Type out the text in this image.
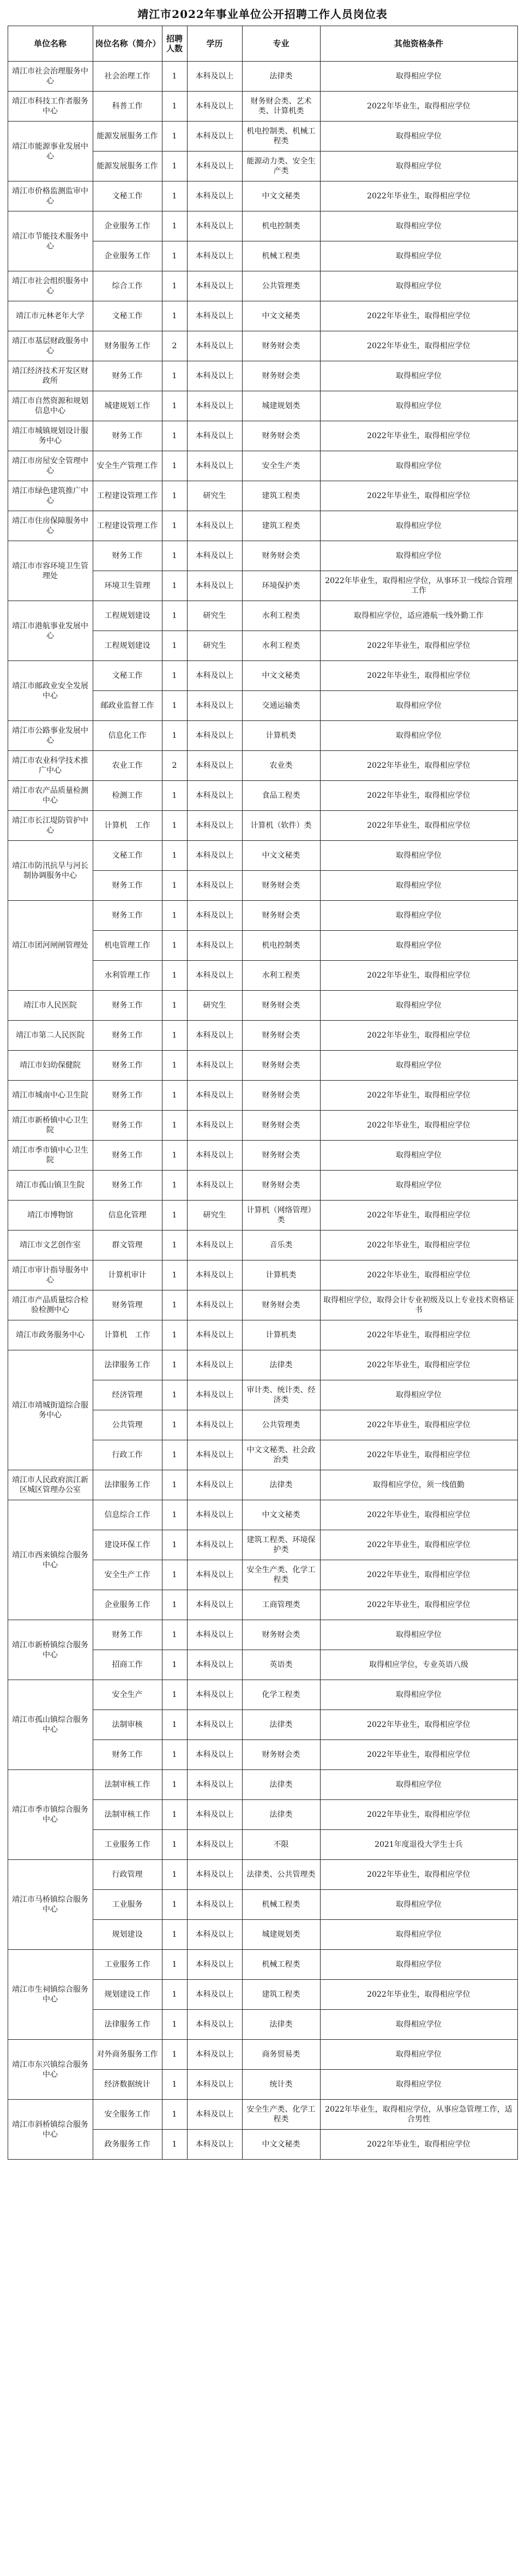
靖江市2022年事业单位公开招聘工作人员岗位表
单位名称	岗位名称（简介）	招聘人数	学历	专业	其他资格条件
靖江市社会治理服务中心	社会治理工作	1	本科及以上	法律类	取得相应学位
靖江市科技工作者服务中心	科普工作	1	本科及以上	财务财会类、艺术类、计算机类	2022年毕业生，取得相应学位
靖江市能源事业发展中心	能源发展服务工作	1	本科及以上	机电控制类、机械工程类	取得相应学位
	能源发展服务工作	1	本科及以上	能源动力类、安全生产类	取得相应学位
靖江市价格监测监审中心	文秘工作	1	本科及以上	中文文秘类	2022年毕业生，取得相应学位
靖江市节能技术服务中心	企业服务工作	1	本科及以上	机电控制类	取得相应学位
	企业服务工作	1	本科及以上	机械工程类	取得相应学位
靖江市社会组织服务中心	综合工作	1	本科及以上	公共管理类	取得相应学位
靖江市元林老年大学	文秘工作	1	本科及以上	中文文秘类	2022年毕业生，取得相应学位
靖江市基层财政服务中心	财务服务工作	2	本科及以上	财务财会类	2022年毕业生，取得相应学位
靖江经济技术开发区财政所	财务工作	1	本科及以上	财务财会类	取得相应学位
靖江市自然资源和规划信息中心	城建规划工作	1	本科及以上	城建规划类	取得相应学位
靖江市城镇规划设计服务中心	财务工作	1	本科及以上	财务财会类	2022年毕业生，取得相应学位
靖江市房屋安全管理中心	安全生产管理工作	1	本科及以上	安全生产类	取得相应学位
靖江市绿色建筑推广中心	工程建设管理工作	1	研究生	建筑工程类	2022年毕业生，取得相应学位
靖江市住房保障服务中心	工程建设管理工作	1	本科及以上	建筑工程类	取得相应学位
靖江市市容环境卫生管理处	财务工作	1	本科及以上	财务财会类	取得相应学位
	环境卫生管理	1	本科及以上	环境保护类	2022年毕业生，取得相应学位，从事环卫一线综合管理工作
靖江市港航事业发展中心	工程规划建设	1	研究生	水利工程类	取得相应学位，适应港航一线外勤工作
	工程规划建设	1	研究生	水利工程类	2022年毕业生，取得相应学位
靖江市邮政业安全发展中心	文秘工作	1	本科及以上	中文文秘类	2022年毕业生，取得相应学位
	邮政业监督工作	1	本科及以上	交通运输类	取得相应学位
靖江市公路事业发展中心	信息化工作	1	本科及以上	计算机类	取得相应学位
靖江市农业科学技术推广中心	农业工作	2	本科及以上	农业类	2022年毕业生，取得相应学位
靖江市农产品质量检测中心	检测工作	1	本科及以上	食品工程类	2022年毕业生，取得相应学位
靖江市长江堤防管护中心	计算机　工作	1	本科及以上	计算机（软件）类	2022年毕业生，取得相应学位
靖江市防汛抗旱与河长制协调服务中心	文秘工作	1	本科及以上	中文文秘类	取得相应学位
	财务工作	1	本科及以上	财务财会类	取得相应学位
靖江市团河闸闸管理处	财务工作	1	本科及以上	财务财会类	取得相应学位
	机电管理工作	1	本科及以上	机电控制类	取得相应学位
	水利管理工作	1	本科及以上	水利工程类	2022年毕业生，取得相应学位
靖江市人民医院	财务工作	1	研究生	财务财会类	取得相应学位
靖江市第二人民医院	财务工作	1	本科及以上	财务财会类	2022年毕业生，取得相应学位
靖江市妇幼保健院	财务工作	1	本科及以上	财务财会类	取得相应学位
靖江市城南中心卫生院	财务工作	1	本科及以上	财务财会类	2022年毕业生，取得相应学位
靖江市新桥镇中心卫生院	财务工作	1	本科及以上	财务财会类	2022年毕业生，取得相应学位
靖江市季市镇中心卫生院	财务工作	1	本科及以上	财务财会类	取得相应学位
靖江市孤山镇卫生院	财务工作	1	本科及以上	财务财会类	取得相应学位
靖江市博物馆	信息化管理	1	研究生	计算机（网络管理）类	2022年毕业生，取得相应学位
靖江市文艺创作室	群文管理	1	本科及以上	音乐类	2022年毕业生，取得相应学位
靖江市审计指导服务中心	计算机审计	1	本科及以上	计算机类	2022年毕业生，取得相应学位
靖江市产品质量综合检验检测中心	财务管理	1	本科及以上	财务财会类	取得相应学位，取得会计专业初级及以上专业技术资格证书
靖江市政务服务中心	计算机　工作	1	本科及以上	计算机类	2022年毕业生，取得相应学位
靖江市靖城街道综合服务中心	法律服务工作	1	本科及以上	法律类	2022年毕业生，取得相应学位
	经济管理	1	本科及以上	审计类、统计类、经济类	取得相应学位
	公共管理	1	本科及以上	公共管理类	2022年毕业生，取得相应学位
	行政工作	1	本科及以上	中文文秘类、社会政治类	2022年毕业生，取得相应学位
靖江市人民政府滨江新区城区管理办公室	法律服务工作	1	本科及以上	法律类	取得相应学位，须一线值勤
靖江市西来镇综合服务中心	信息综合工作	1	本科及以上	中文文秘类	2022年毕业生，取得相应学位
	建设环保工作	1	本科及以上	建筑工程类、环境保护类	2022年毕业生，取得相应学位
	安全生产工作	1	本科及以上	安全生产类、化学工程类	2022年毕业生，取得相应学位
	企业服务工作	1	本科及以上	工商管理类	2022年毕业生，取得相应学位
靖江市新桥镇综合服务中心	财务工作	1	本科及以上	财务财会类	取得相应学位
	招商工作	1	本科及以上	英语类	取得相应学位，专业英语八级
靖江市孤山镇综合服务中心	安全生产	1	本科及以上	化学工程类	取得相应学位
	法制审核	1	本科及以上	法律类	2022年毕业生，取得相应学位
	财务工作	1	本科及以上	财务财会类	2022年毕业生，取得相应学位
靖江市季市镇综合服务中心	法制审核工作	1	本科及以上	法律类	取得相应学位
	法制审核工作	1	本科及以上	法律类	2022年毕业生，取得相应学位
	工业服务工作	1	本科及以上	不限	2021年度退役大学生士兵
靖江市马桥镇综合服务中心	行政管理	1	本科及以上	法律类、公共管理类	2022年毕业生，取得相应学位
	工业服务	1	本科及以上	机械工程类	取得相应学位
	规划建设	1	本科及以上	城建规划类	取得相应学位
靖江市生祠镇综合服务中心	工业服务工作	1	本科及以上	机械工程类	取得相应学位
	规划建设工作	1	本科及以上	建筑工程类	2022年毕业生，取得相应学位
	法律服务工作	1	本科及以上	法律类	取得相应学位
靖江市东兴镇综合服务中心	对外商务服务工作	1	本科及以上	商务贸易类	取得相应学位
	经济数据统计	1	本科及以上	统计类	取得相应学位
靖江市斜桥镇综合服务中心	安全服务工作	1	本科及以上	安全生产类、化学工程类	2022年毕业生，取得相应学位，从事应急管理工作，适合男性
	政务服务工作	1	本科及以上	中文文秘类	2022年毕业生，取得相应学位
